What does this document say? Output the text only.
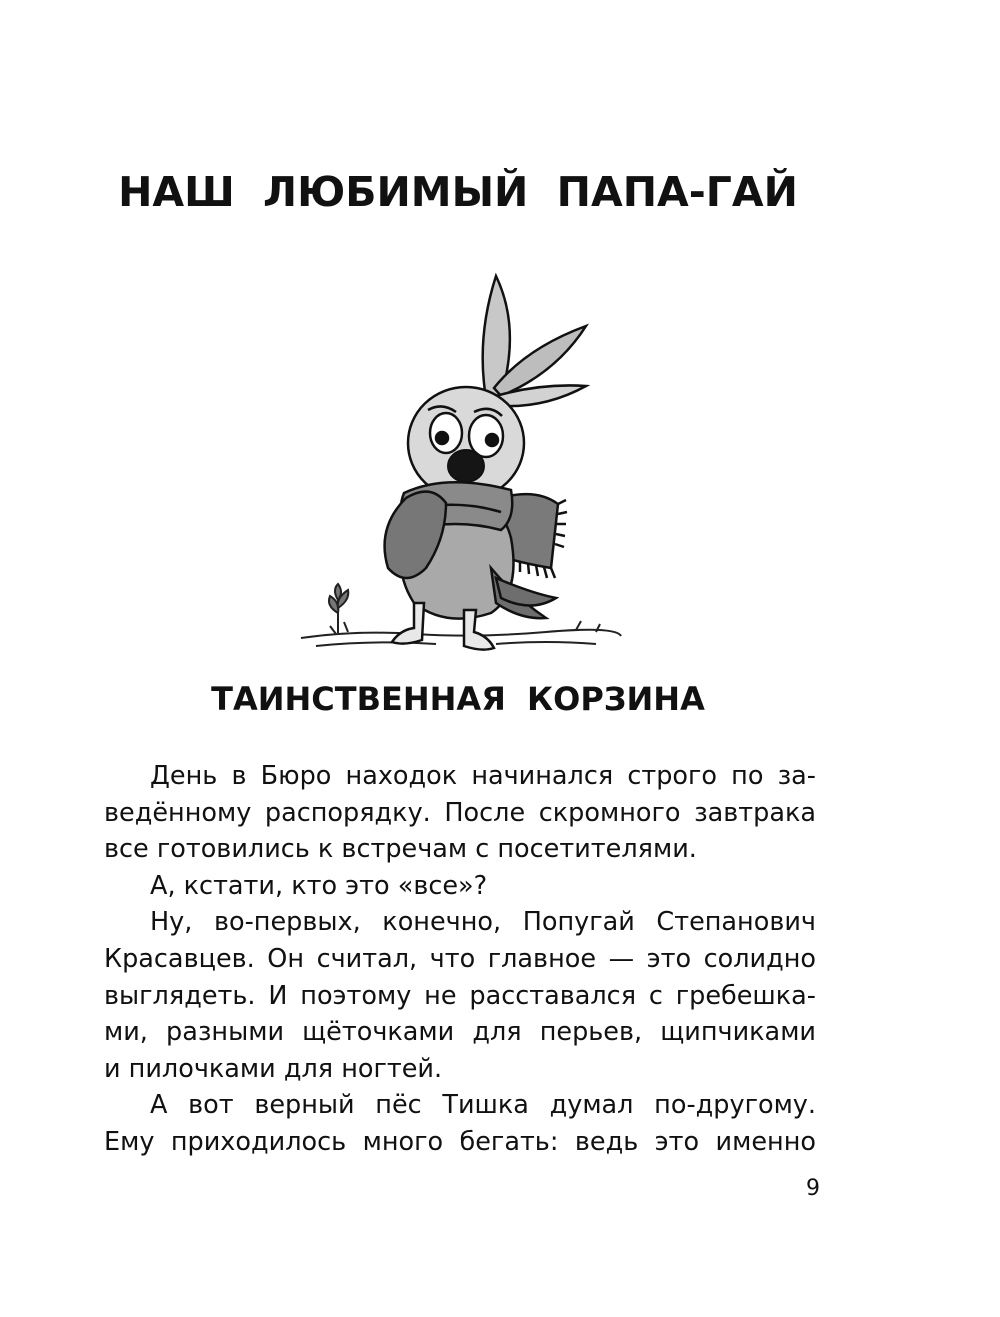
НАШ ЛЮБИМЫЙ ПАПА-ГАЙ
ТАИНСТВЕННАЯ КОРЗИНА
День в Бюро находок начинался строго по за-
ведённому распорядку. После скромного завтрака
все готовились к встречам с посетителями.
А, кстати, кто это «все»?
Ну, во-первых, конечно, Попугай Степанович
Красавцев. Он считал, что главное — это солидно
выглядеть. И поэтому не расставался с гребешка-
ми, разными щёточками для перьев, щипчиками
и пилочками для ногтей.
А вот верный пёс Тишка думал по-другому.
Ему приходилось много бегать: ведь это именно
9
